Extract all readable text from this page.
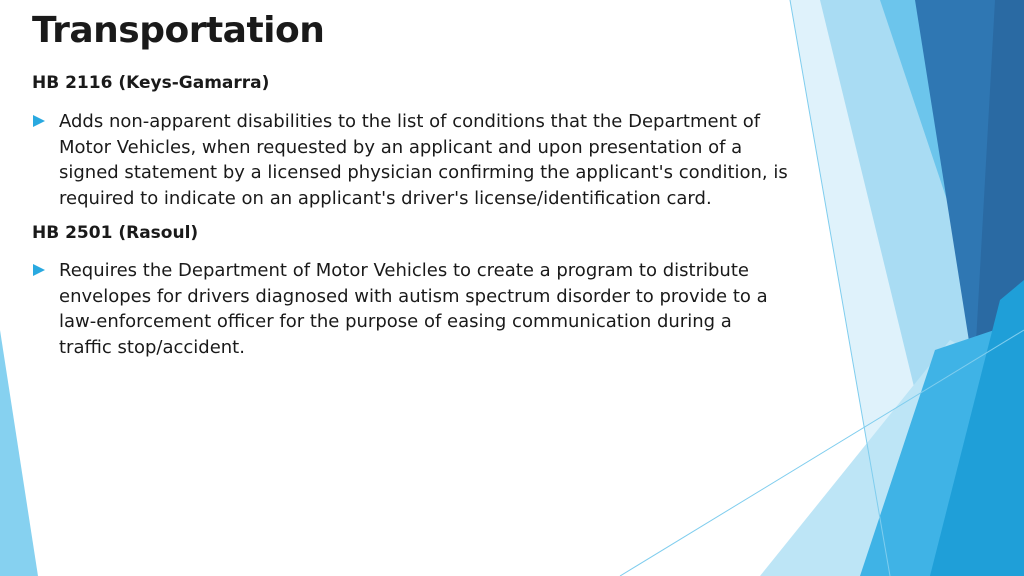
Transportation
HB 2116 (Keys-Gamarra)
Adds non-apparent disabilities to the list of conditions that the Department of
Motor Vehicles, when requested by an applicant and upon presentation of a
signed statement by a licensed physician confirming the applicant's condition, is
required to indicate on an applicant's driver's license/identification card.
HB 2501 (Rasoul)
Requires the Department of Motor Vehicles to create a program to distribute
envelopes for drivers diagnosed with autism spectrum disorder to provide to a
law-enforcement officer for the purpose of easing communication during a
traffic stop/accident.
